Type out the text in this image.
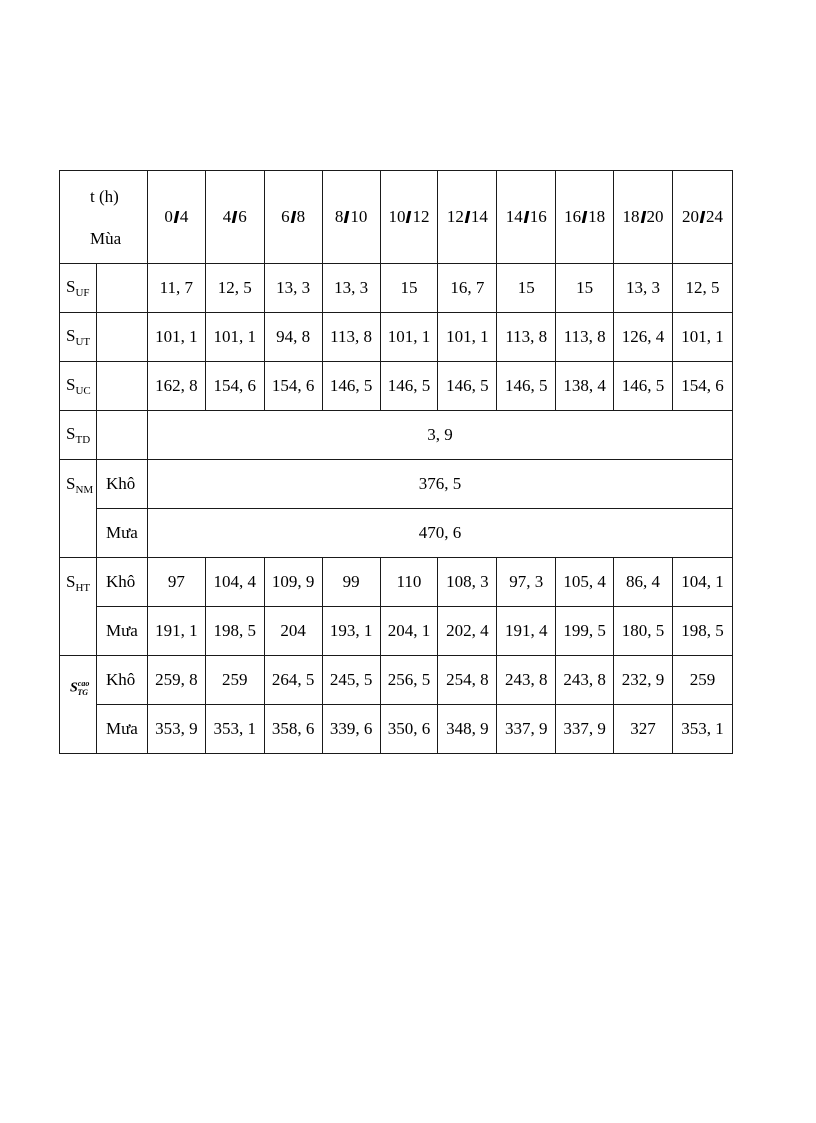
t (h)
Mùa		0 4	4 6	6 8	8 10	10 12	12 14	14 16	16 18	18 20	20 24
$S_{UF}$		11, 7	12, 5	13, 3	13, 3	15	16, 7	15	15	13, 3	12, 5
$S_{UT}$		101, 1	101, 1	94, 8	113, 8	101, 1	101, 1	113, 8	113, 8	126, 4	101, 1
$S_{UC}$		162, 8	154, 6	154, 6	146, 5	146, 5	146, 5	146, 5	138, 4	146, 5	154, 6
$S_{TD}$		3, 9									
$S_{NM}$	Khô	376, 5									
	Mưa	470, 6									
$S_{HT}$	Khô	97	104, 4	109, 9	99	110	108, 3	97, 3	105, 4	86, 4	104, 1
	Mưa	191, 1	198, 5	204	193, 1	204, 1	202, 4	191, 4	199, 5	180, 5	198, 5
$S^{cao}_{TG}$	Khô	259, 8	259	264, 5	245, 5	256, 5	254, 8	243, 8	243, 8	232, 9	259
	Mưa	353, 9	353, 1	358, 6	339, 6	350, 6	348, 9	337, 9	337, 9	327	353, 1
